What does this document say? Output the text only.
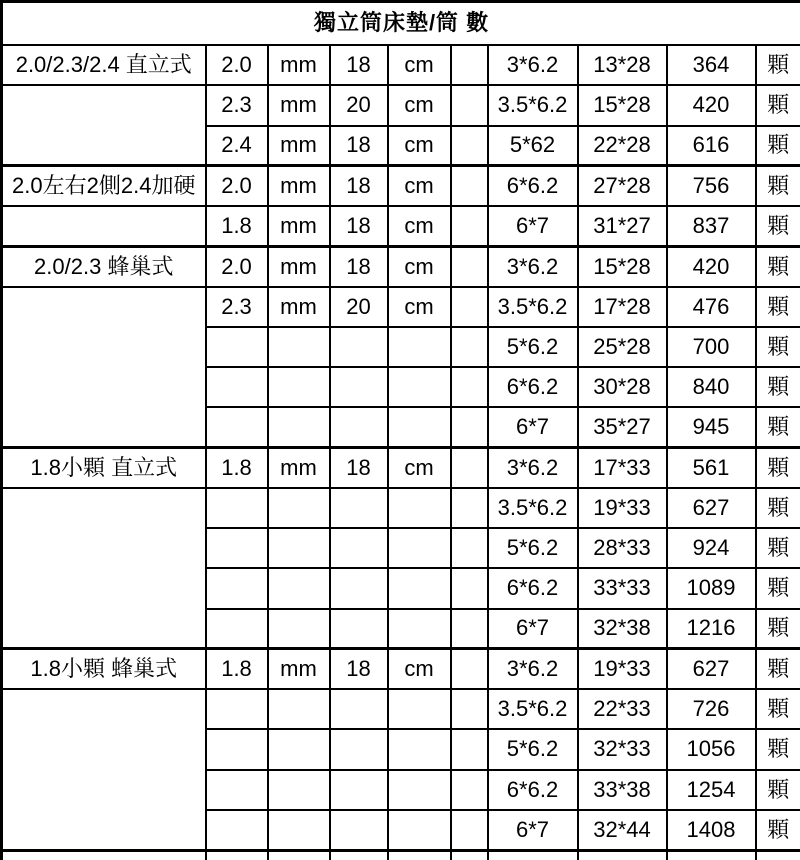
獨立筒床墊/筒 數									
2.0/2.3/2.4 直立式	2.0	mm	18	cm		3*6.2	13*28	364	顆
	2.3	mm	20	cm		3.5*6.2	15*28	420	顆
	2.4	mm	18	cm		5*62	22*28	616	顆
2.0左右2側2.4加硬	2.0	mm	18	cm		6*6.2	27*28	756	顆
	1.8	mm	18	cm		6*7	31*27	837	顆
2.0/2.3 蜂巢式	2.0	mm	18	cm		3*6.2	15*28	420	顆
	2.3	mm	20	cm		3.5*6.2	17*28	476	顆
						5*6.2	25*28	700	顆
						6*6.2	30*28	840	顆
						6*7	35*27	945	顆
1.8小顆 直立式	1.8	mm	18	cm		3*6.2	17*33	561	顆
						3.5*6.2	19*33	627	顆
						5*6.2	28*33	924	顆
						6*6.2	33*33	1089	顆
						6*7	32*38	1216	顆
1.8小顆 蜂巢式	1.8	mm	18	cm		3*6.2	19*33	627	顆
						3.5*6.2	22*33	726	顆
						5*6.2	32*33	1056	顆
						6*6.2	33*38	1254	顆
						6*7	32*44	1408	顆
